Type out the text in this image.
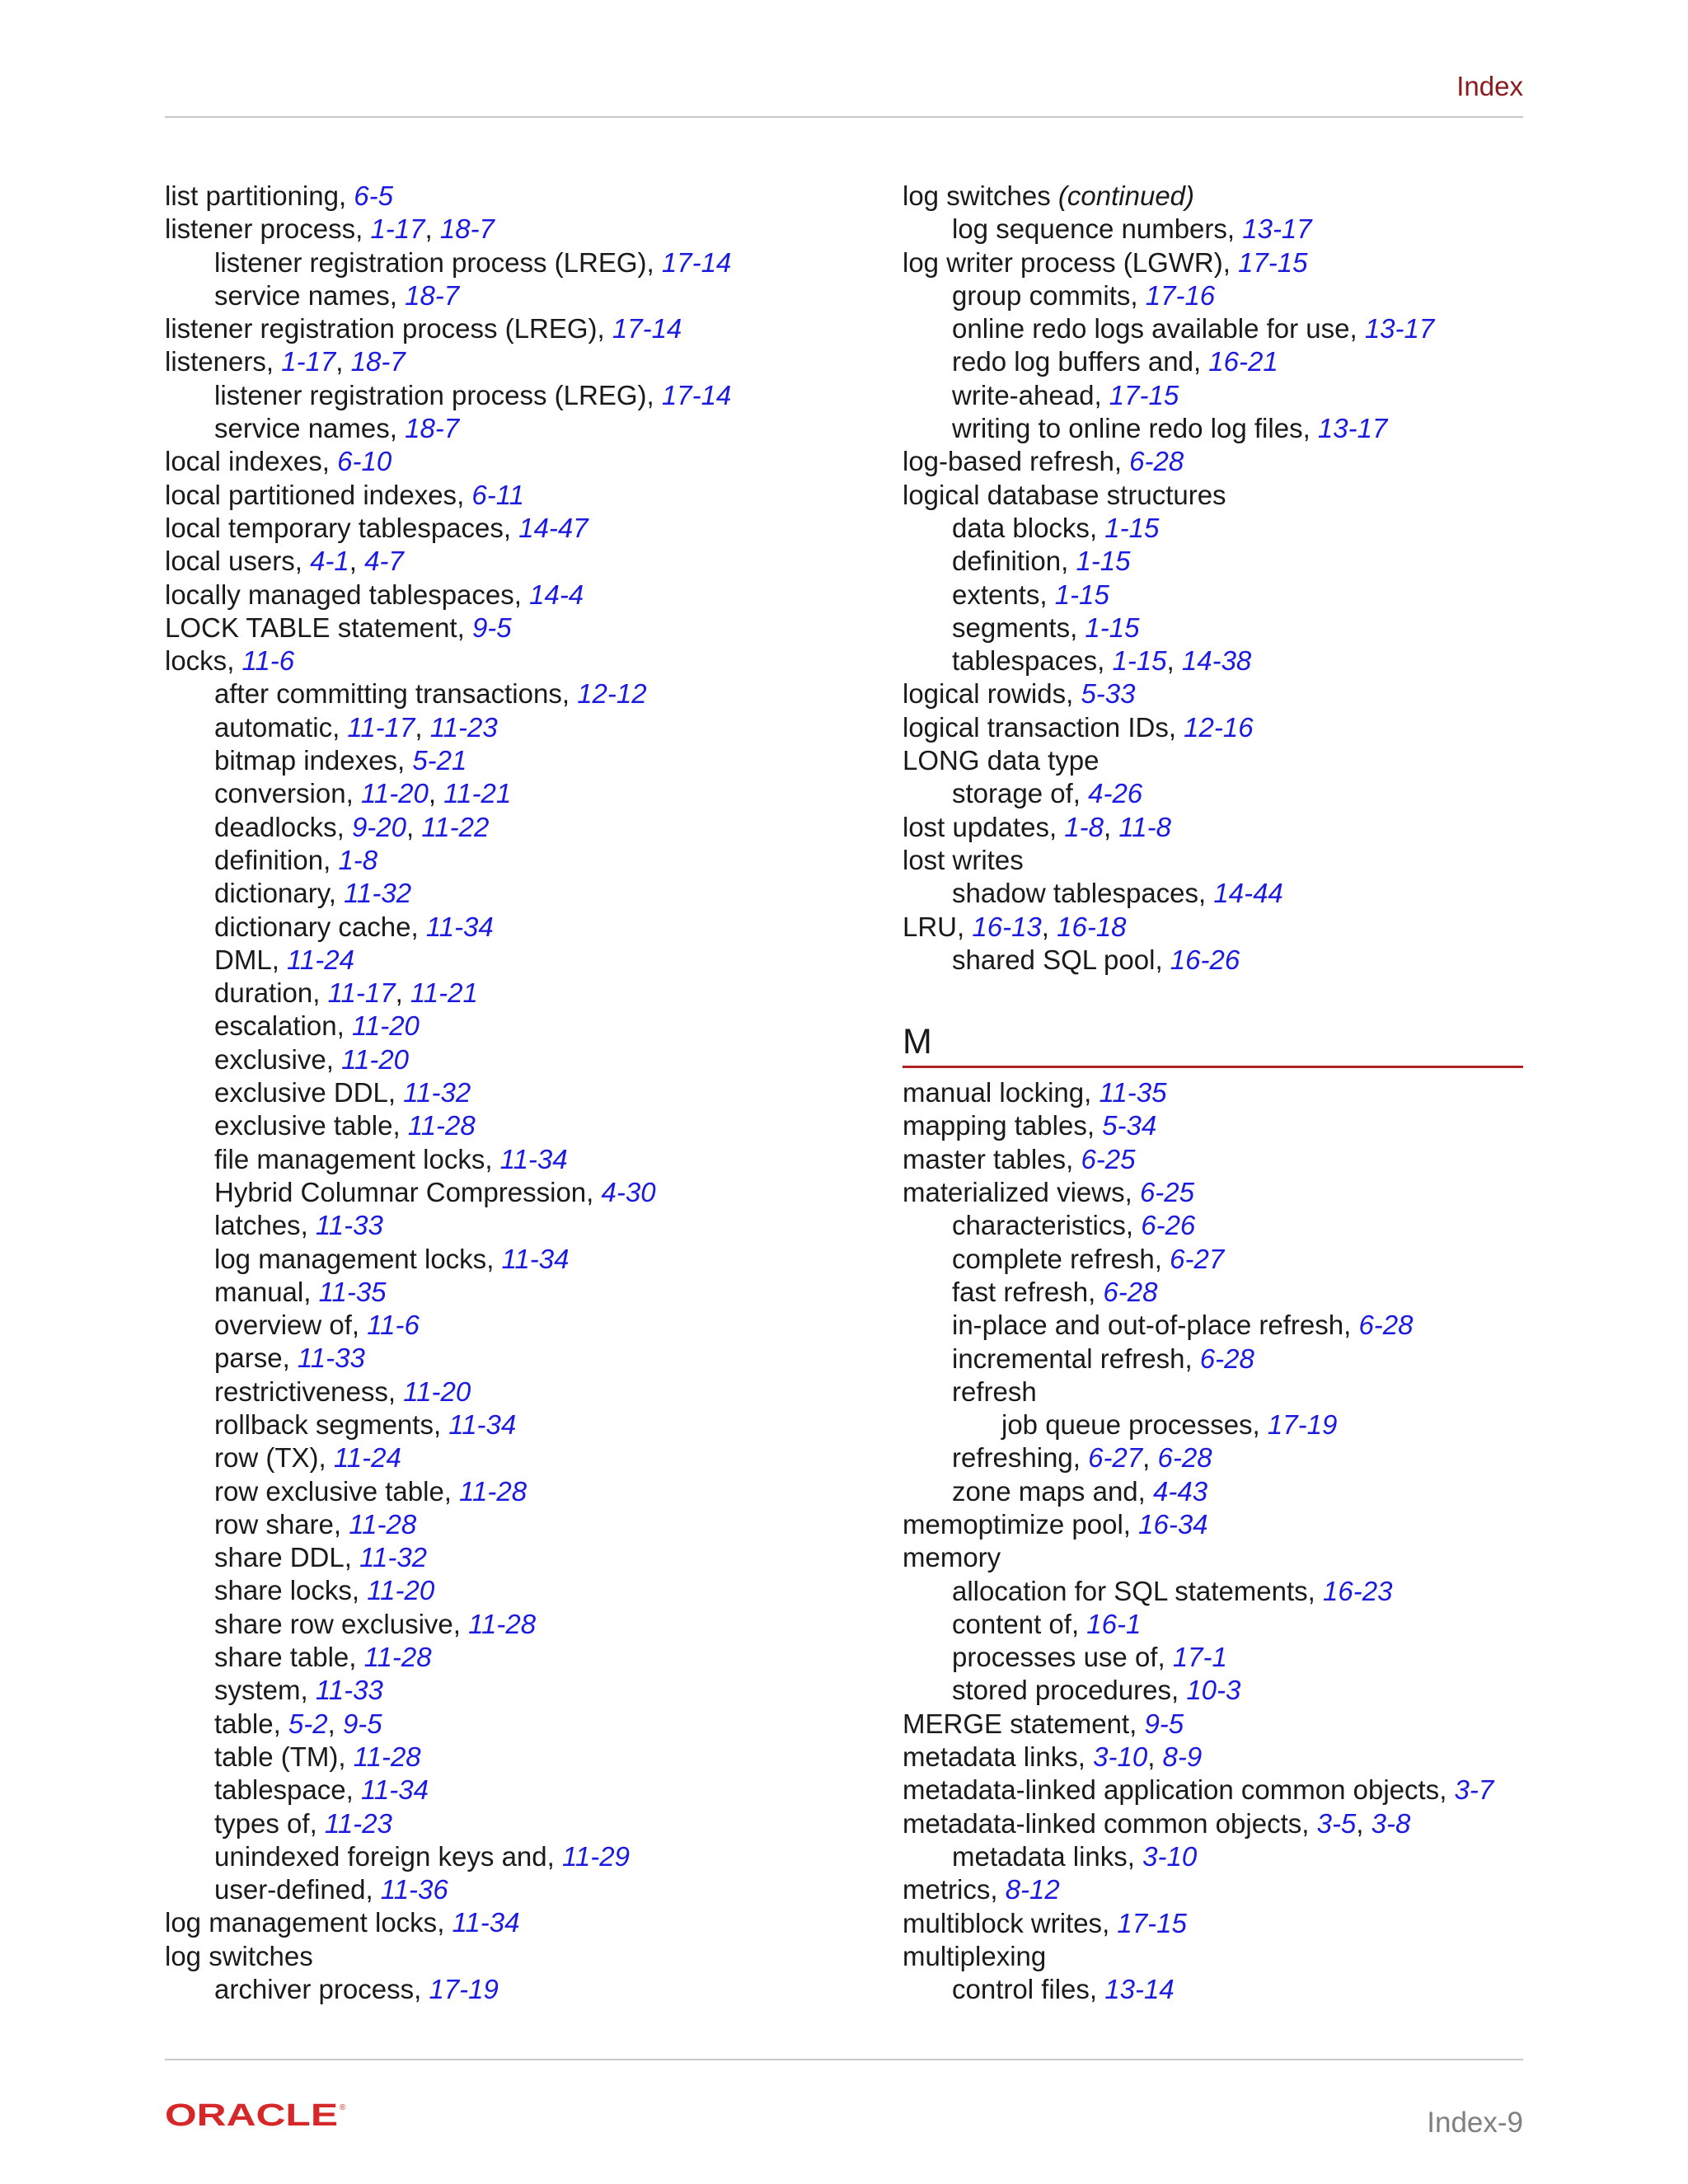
Index
list partitioning, 6-5
listener process, 1-17, 18-7
listener registration process (LREG), 17-14
service names, 18-7
listener registration process (LREG), 17-14
listeners, 1-17, 18-7
listener registration process (LREG), 17-14
service names, 18-7
local indexes, 6-10
local partitioned indexes, 6-11
local temporary tablespaces, 14-47
local users, 4-1, 4-7
locally managed tablespaces, 14-4
LOCK TABLE statement, 9-5
locks, 11-6
after committing transactions, 12-12
automatic, 11-17, 11-23
bitmap indexes, 5-21
conversion, 11-20, 11-21
deadlocks, 9-20, 11-22
definition, 1-8
dictionary, 11-32
dictionary cache, 11-34
DML, 11-24
duration, 11-17, 11-21
escalation, 11-20
exclusive, 11-20
exclusive DDL, 11-32
exclusive table, 11-28
file management locks, 11-34
Hybrid Columnar Compression, 4-30
latches, 11-33
log management locks, 11-34
manual, 11-35
overview of, 11-6
parse, 11-33
restrictiveness, 11-20
rollback segments, 11-34
row (TX), 11-24
row exclusive table, 11-28
row share, 11-28
share DDL, 11-32
share locks, 11-20
share row exclusive, 11-28
share table, 11-28
system, 11-33
table, 5-2, 9-5
table (TM), 11-28
tablespace, 11-34
types of, 11-23
unindexed foreign keys and, 11-29
user-defined, 11-36
log management locks, 11-34
log switches
archiver process, 17-19
log switches (continued)
log sequence numbers, 13-17
log writer process (LGWR), 17-15
group commits, 17-16
online redo logs available for use, 13-17
redo log buffers and, 16-21
write-ahead, 17-15
writing to online redo log files, 13-17
log-based refresh, 6-28
logical database structures
data blocks, 1-15
definition, 1-15
extents, 1-15
segments, 1-15
tablespaces, 1-15, 14-38
logical rowids, 5-33
logical transaction IDs, 12-16
LONG data type
storage of, 4-26
lost updates, 1-8, 11-8
lost writes
shadow tablespaces, 14-44
LRU, 16-13, 16-18
shared SQL pool, 16-26
M
manual locking, 11-35
mapping tables, 5-34
master tables, 6-25
materialized views, 6-25
characteristics, 6-26
complete refresh, 6-27
fast refresh, 6-28
in-place and out-of-place refresh, 6-28
incremental refresh, 6-28
refresh
job queue processes, 17-19
refreshing, 6-27, 6-28
zone maps and, 4-43
memoptimize pool, 16-34
memory
allocation for SQL statements, 16-23
content of, 16-1
processes use of, 17-1
stored procedures, 10-3
MERGE statement, 9-5
metadata links, 3-10, 8-9
metadata-linked application common objects, 3-7
metadata-linked common objects, 3-5, 3-8
metadata links, 3-10
metrics, 8-12
multiblock writes, 17-15
multiplexing
control files, 13-14
ORACLE ®	Index-9
